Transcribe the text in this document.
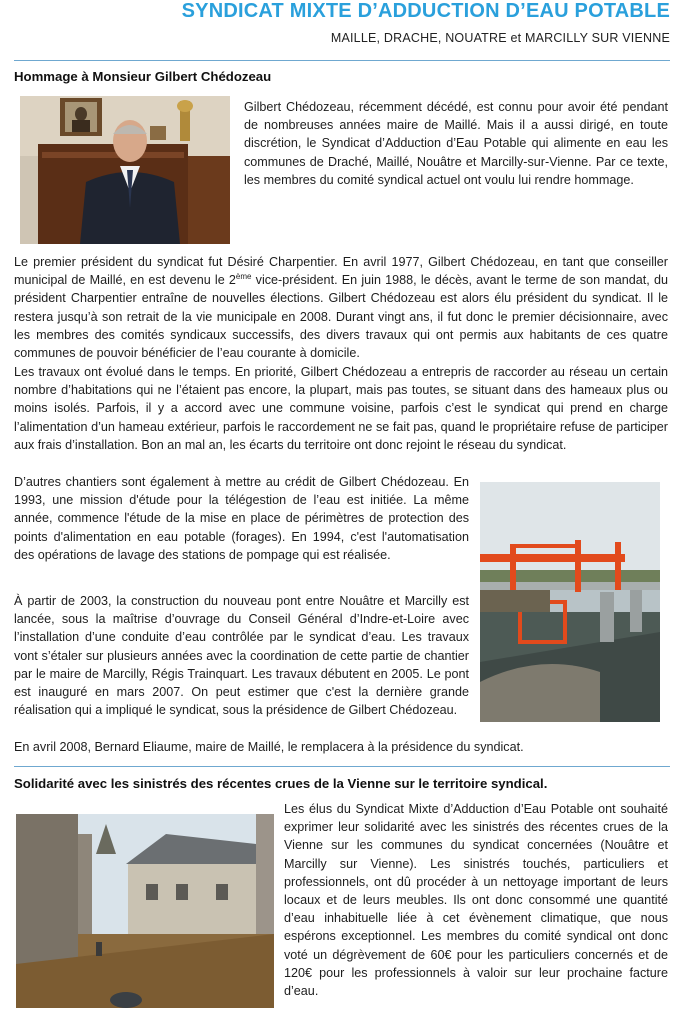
SYNDICAT MIXTE D’ADDUCTION D’EAU POTABLE
MAILLE, DRACHE, NOUATRE et MARCILLY SUR VIENNE
Hommage à Monsieur Gilbert Chédozeau

Gilbert Chédozeau, récemment décédé, est connu pour avoir été pendant de nombreuses années maire de Maillé. Mais il a aussi dirigé, en toute discrétion, le Syndicat d’Adduction d’Eau Potable qui alimente en eau les communes de Draché, Maillé, Nouâtre et Marcilly-sur-Vienne. Par ce texte, les membres du comité syndical actuel ont voulu lui rendre hommage.

Le premier président du syndicat fut Désiré Charpentier. En avril 1977, Gilbert Chédozeau, en tant que conseiller municipal de Maillé, en est devenu le 2ème vice-président. En juin 1988, le décès, avant le terme de son mandat, du président Charpentier entraîne de nouvelles élections. Gilbert Chédozeau est alors élu président du syndicat. Il le restera jusqu’à son retrait de la vie municipale en 2008. Durant vingt ans, il fut donc le premier décisionnaire, avec les membres des comités syndicaux successifs, des divers travaux qui ont permis aux habitants de ces quatre communes de pouvoir bénéficier de l’eau courante à domicile.

Les travaux ont évolué dans le temps. En priorité, Gilbert Chédozeau a entrepris de raccorder au réseau un certain nombre d’habitations qui ne l’étaient pas encore, la plupart, mais pas toutes, se situant dans des hameaux plus ou moins isolés. Parfois, il y a accord avec une commune voisine, parfois c’est le syndicat qui prend en charge l’alimentation d’un hameau extérieur, parfois le raccordement ne se fait pas, quand le propriétaire refuse de participer aux frais d’installation. Bon an mal an, les écarts du territoire ont donc rejoint le réseau du syndicat.

D’autres chantiers sont également à mettre au crédit de Gilbert Chédozeau. En 1993, une mission d'étude pour la télégestion de l’eau est initiée. La même année, commence l'étude de la mise en place de périmètres de protection des points d'alimentation en eau potable (forages). En 1994, c'est l'automatisation des opérations de lavage des stations de pompage qui est réalisée.

À partir de 2003, la construction du nouveau pont entre Nouâtre et Marcilly est lancée, sous la maîtrise d’ouvrage du Conseil Général d’Indre-et-Loire avec l’installation d’une conduite d’eau contrôlée par le syndicat d’eau. Les travaux vont s’étaler sur plusieurs années avec la coordination de cette partie de chantier par le maire de Marcilly, Régis Trainquart. Les travaux débutent en 2005. Le pont est inauguré en mars 2007. On peut estimer que c'est la dernière grande réalisation qui a impliqué le syndicat, sous la présidence de Gilbert Chédozeau.

En avril 2008, Bernard Eliaume, maire de Maillé, le remplacera à la présidence du syndicat.

Solidarité avec les sinistrés des récentes crues de la Vienne sur le territoire syndical.

Les élus du Syndicat Mixte d’Adduction d’Eau Potable ont souhaité exprimer leur solidarité avec les sinistrés des récentes crues de la Vienne sur les communes du syndicat concernées (Nouâtre et Marcilly sur Vienne). Les sinistrés touchés, particuliers et professionnels, ont dû procéder à un nettoyage important de leurs locaux et de leurs meubles. Ils ont donc consommé une quantité d’eau inhabituelle liée à cet évènement climatique, que nous espérons exceptionnel. Les membres du comité syndical ont donc voté un dégrèvement de 60€ pour les particuliers concernés et de 120€ pour les professionnels à valoir sur leur prochaine facture d’eau.
